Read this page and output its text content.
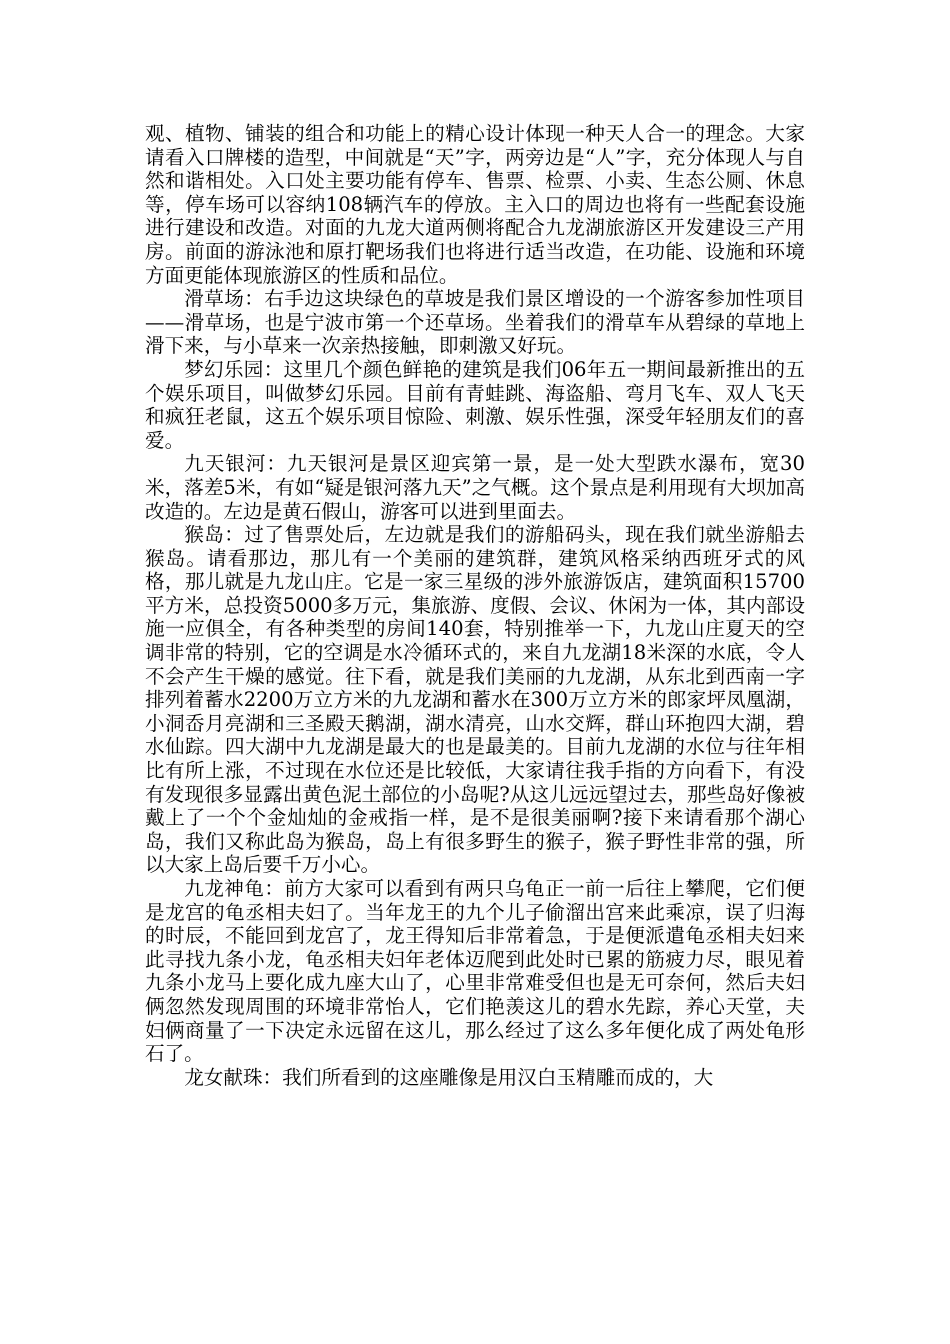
观、植物、铺装的组合和功能上的精心设计体现一种天人合一的理念。大家请看入口牌楼的造型，中间就是“天”字，两旁边是“人”字，充分体现人与自然和谐相处。入口处主要功能有停车、售票、检票、小卖、生态公厕、休息等，停车场可以容纳108辆汽车的停放。主入口的周边也将有一些配套设施进行建设和改造。对面的九龙大道两侧将配合九龙湖旅游区开发建设三产用房。前面的游泳池和原打靶场我们也将进行适当改造，在功能、设施和环境方面更能体现旅游区的性质和品位。

滑草场：右手边这块绿色的草坡是我们景区增设的一个游客参加性项目——滑草场，也是宁波市第一个还草场。坐着我们的滑草车从碧绿的草地上滑下来，与小草来一次亲热接触，即刺激又好玩。

梦幻乐园：这里几个颜色鲜艳的建筑是我们06年五一期间最新推出的五个娱乐项目，叫做梦幻乐园。目前有青蛙跳、海盗船、弯月飞车、双人飞天和疯狂老鼠，这五个娱乐项目惊险、刺激、娱乐性强，深受年轻朋友们的喜爱。

九天银河：九天银河是景区迎宾第一景，是一处大型跌水瀑布，宽30米，落差5米，有如“疑是银河落九天”之气概。这个景点是利用现有大坝加高改造的。左边是黄石假山，游客可以进到里面去。

猴岛：过了售票处后，左边就是我们的游船码头，现在我们就坐游船去猴岛。请看那边，那儿有一个美丽的建筑群，建筑风格采纳西班牙式的风格，那儿就是九龙山庄。它是一家三星级的涉外旅游饭店，建筑面积15700平方米，总投资5000多万元，集旅游、度假、会议、休闲为一体，其内部设施一应俱全，有各种类型的房间140套，特别推举一下，九龙山庄夏天的空调非常的特别，它的空调是水冷循环式的，来自九龙湖18米深的水底，令人不会产生干燥的感觉。往下看，就是我们美丽的九龙湖，从东北到西南一字排列着蓄水2200万立方米的九龙湖和蓄水在300万立方米的郎家坪凤凰湖，小洞岙月亮湖和三圣殿天鹅湖，湖水清亮，山水交辉，群山环抱四大湖，碧水仙踪。四大湖中九龙湖是最大的也是最美的。目前九龙湖的水位与往年相比有所上涨，不过现在水位还是比较低，大家请往我手指的方向看下，有没有发现很多显露出黄色泥土部位的小岛呢?从这儿远远望过去，那些岛好像被戴上了一个个金灿灿的金戒指一样，是不是很美丽啊?接下来请看那个湖心岛，我们又称此岛为猴岛，岛上有很多野生的猴子，猴子野性非常的强，所以大家上岛后要千万小心。

九龙神龟：前方大家可以看到有两只乌龟正一前一后往上攀爬，它们便是龙宫的龟丞相夫妇了。当年龙王的九个儿子偷溜出宫来此乘凉，误了归海的时辰，不能回到龙宫了，龙王得知后非常着急，于是便派遣龟丞相夫妇来此寻找九条小龙，龟丞相夫妇年老体迈爬到此处时已累的筋疲力尽，眼见着九条小龙马上要化成九座大山了，心里非常难受但也是无可奈何，然后夫妇俩忽然发现周围的环境非常怡人，它们艳羡这儿的碧水先踪，养心天堂，夫妇俩商量了一下决定永远留在这儿，那么经过了这么多年便化成了两处龟形石了。

龙女献珠：我们所看到的这座雕像是用汉白玉精雕而成的，大
